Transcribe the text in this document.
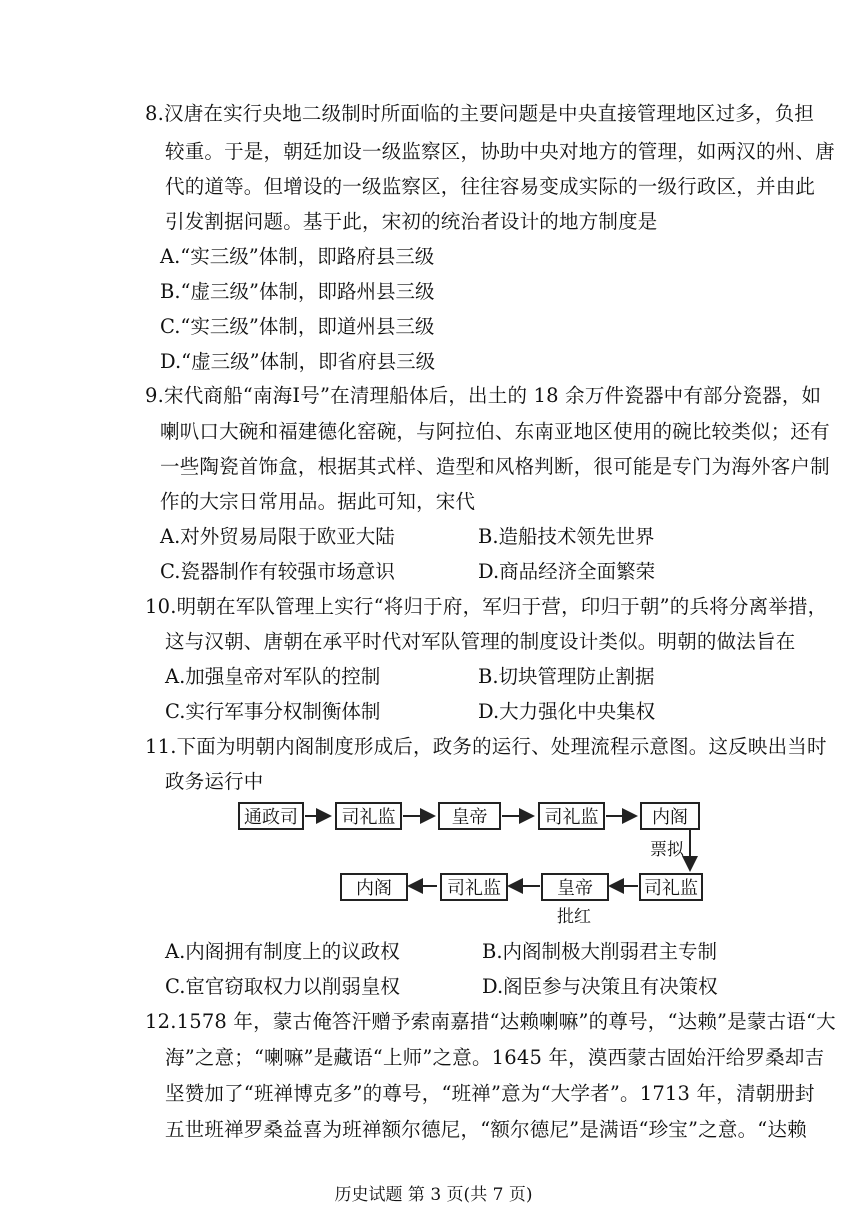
8.汉唐在实行央地二级制时所面临的主要问题是中央直接管理地区过多，负担
较重。于是，朝廷加设一级监察区，协助中央对地方的管理，如两汉的州、唐
代的道等。但增设的一级监察区，往往容易变成实际的一级行政区，并由此
引发割据问题。基于此，宋初的统治者设计的地方制度是
A.“实三级”体制，即路府县三级
B.“虚三级”体制，即路州县三级
C.“实三级”体制，即道州县三级
D.“虚三级”体制，即省府县三级
9.宋代商船“南海Ⅰ号”在清理船体后，出土的 18 余万件瓷器中有部分瓷器，如
喇叭口大碗和福建德化窑碗，与阿拉伯、东南亚地区使用的碗比较类似；还有
一些陶瓷首饰盒，根据其式样、造型和风格判断，很可能是专门为海外客户制
作的大宗日常用品。据此可知，宋代
A.对外贸易局限于欧亚大陆	B.造船技术领先世界
C.瓷器制作有较强市场意识	D.商品经济全面繁荣
10.明朝在军队管理上实行“将归于府，军归于营，印归于朝”的兵将分离举措，
这与汉朝、唐朝在承平时代对军队管理的制度设计类似。明朝的做法旨在
A.加强皇帝对军队的控制	B.切块管理防止割据
C.实行军事分权制衡体制	D.大力强化中央集权
11.下面为明朝内阁制度形成后，政务的运行、处理流程示意图。这反映出当时
政务运行中
通政司	司礼监	皇帝	司礼监	内阁
票拟
内阁	司礼监	皇帝	司礼监
批红
A.内阁拥有制度上的议政权	B.内阁制极大削弱君主专制
C.宦官窃取权力以削弱皇权	D.阁臣参与决策且有决策权
12.1578 年，蒙古俺答汗赠予索南嘉措“达赖喇嘛”的尊号，“达赖”是蒙古语“大
海”之意；“喇嘛”是藏语“上师”之意。1645 年，漠西蒙古固始汗给罗桑却吉
坚赞加了“班禅博克多”的尊号，“班禅”意为“大学者”。1713 年，清朝册封
五世班禅罗桑益喜为班禅额尔德尼，“额尔德尼”是满语“珍宝”之意。“达赖
历史试题 第 3 页(共 7 页)
